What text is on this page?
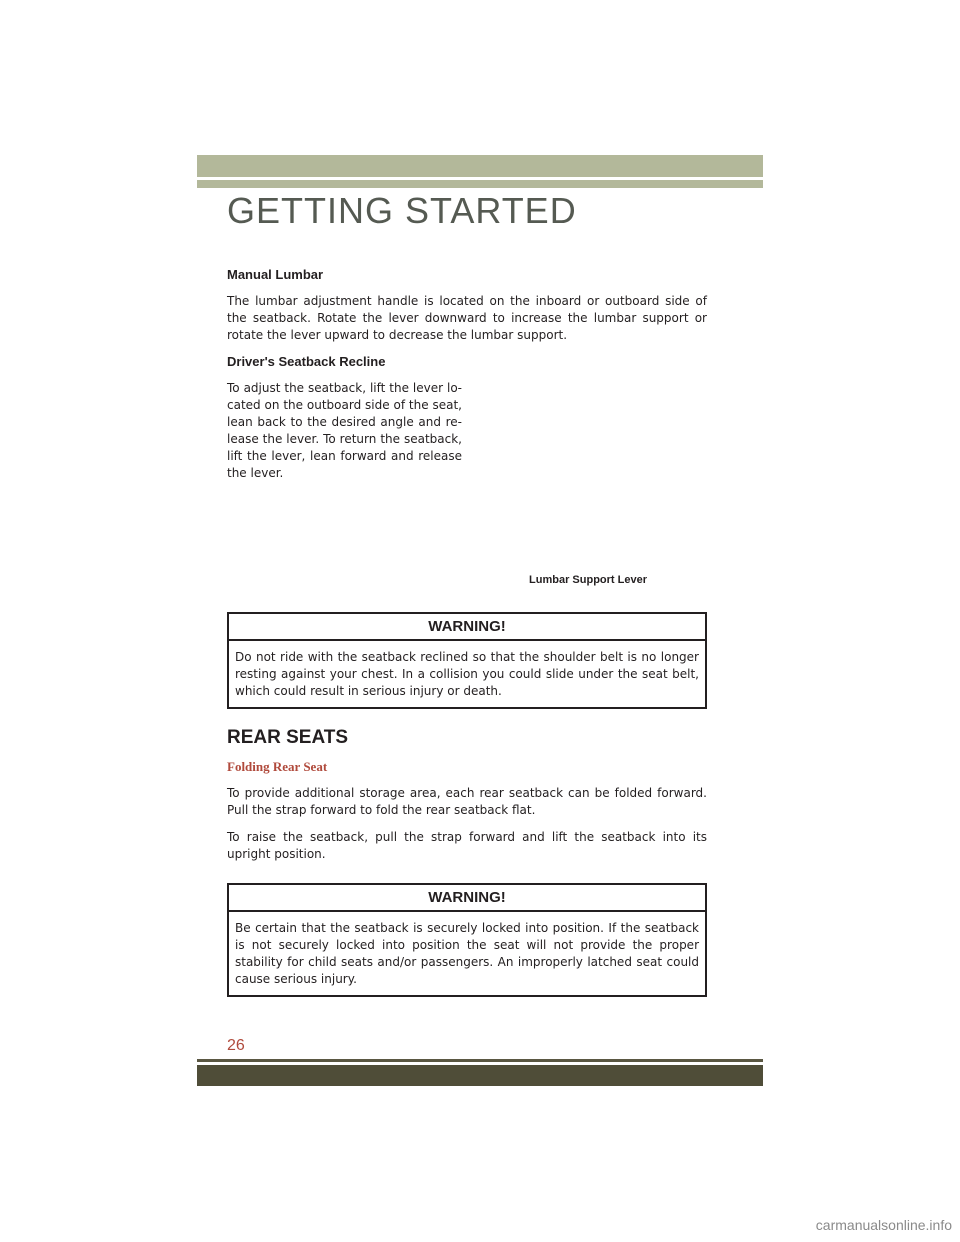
GETTING STARTED
Manual Lumbar

The lumbar adjustment handle is located on the inboard or outboard side of the seatback. Rotate the lever downward to increase the lumbar support or rotate the lever upward to decrease the lumbar support.

Driver's Seatback Recline

To adjust the seatback, lift the lever located on the outboard side of the seat, lean back to the desired angle and release the lever. To return the seatback, lift the lever, lean forward and release the lever.

Lumbar Support Lever
WARNING!
Do not ride with the seatback reclined so that the shoulder belt is no longer resting against your chest. In a collision you could slide under the seat belt, which could result in serious injury or death.
REAR SEATS
Folding Rear Seat

To provide additional storage area, each rear seatback can be folded forward. Pull the strap forward to fold the rear seatback flat.

To raise the seatback, pull the strap forward and lift the seatback into its upright position.

WARNING!
Be certain that the seatback is securely locked into position. If the seatback is not securely locked into position the seat will not provide the proper stability for child seats and/or passengers. An improperly latched seat could cause serious injury.
26
carmanualsonline.info
